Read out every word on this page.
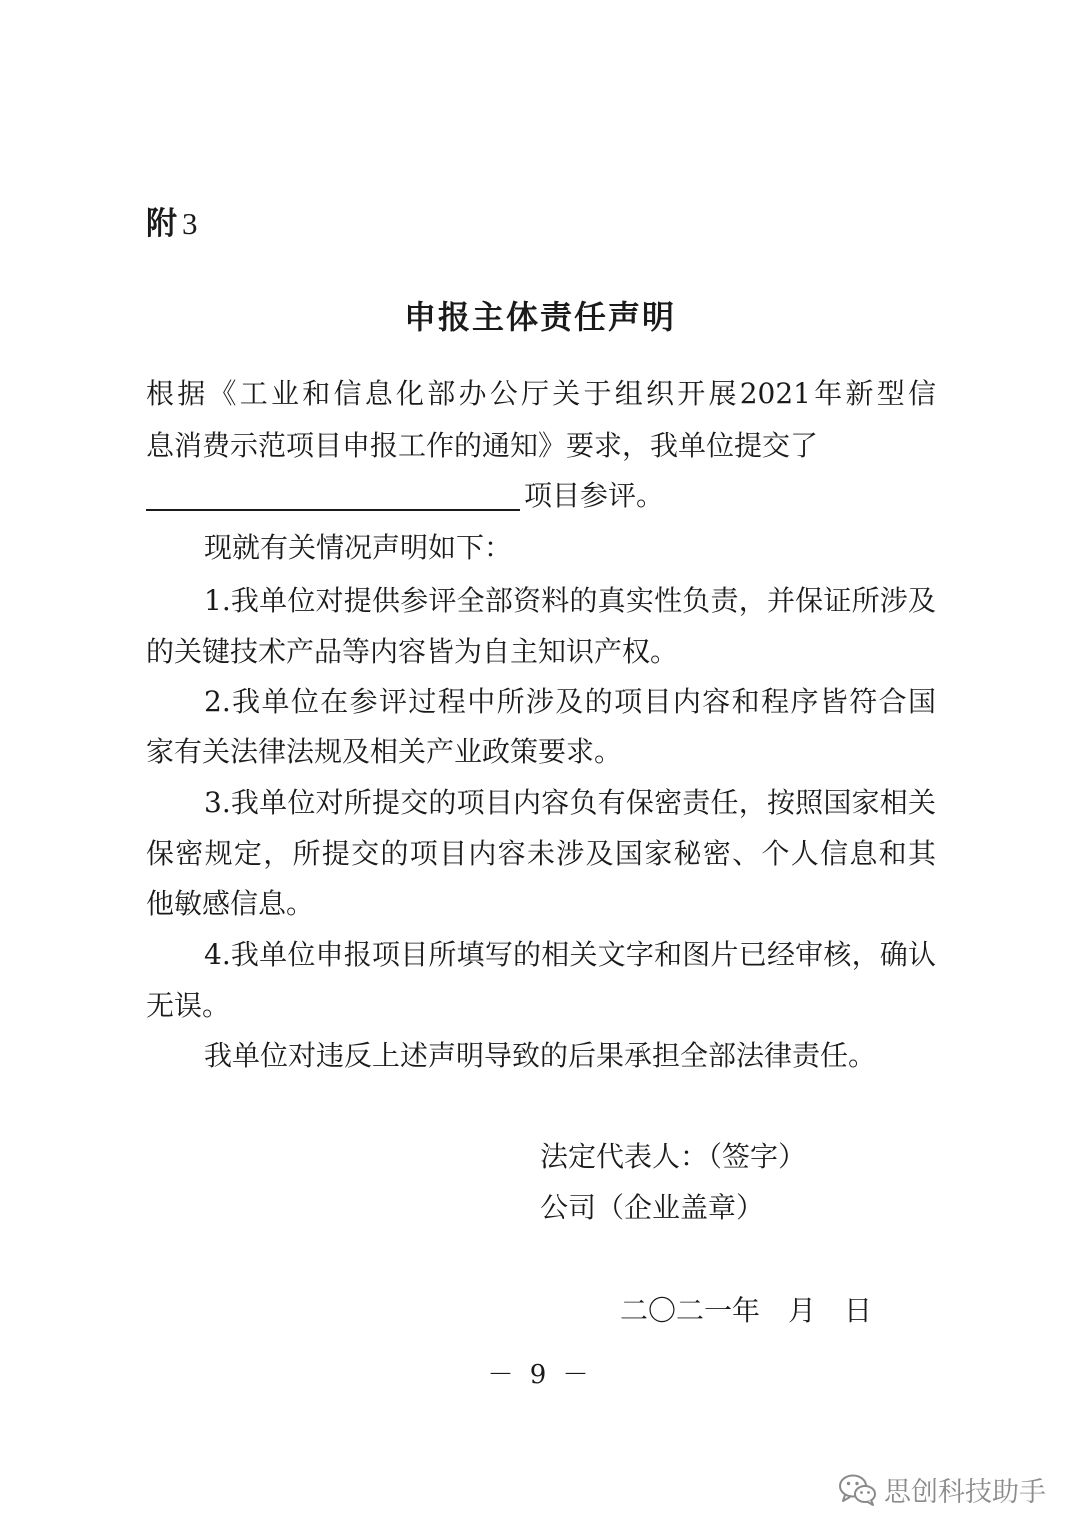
附 3
申报主体责任声明
根据《工业和信息化部办公厅关于组织开展2021年新型信
息消费示范项目申报工作的通知》要求，我单位提交了
项目参评。
现就有关情况声明如下：
1.我单位对提供参评全部资料的真实性负责，并保证所涉及
的关键技术产品等内容皆为自主知识产权。
2.我单位在参评过程中所涉及的项目内容和程序皆符合国
家有关法律法规及相关产业政策要求。
3.我单位对所提交的项目内容负有保密责任，按照国家相关
保密规定，所提交的项目内容未涉及国家秘密、个人信息和其
他敏感信息。
4.我单位申报项目所填写的相关文字和图片已经审核，确认
无误。
我单位对违反上述声明导致的后果承担全部法律责任。
法定代表人：（签字）
公司（企业盖章）
二〇二一年　月　日
－ 9 －
思创科技助手
